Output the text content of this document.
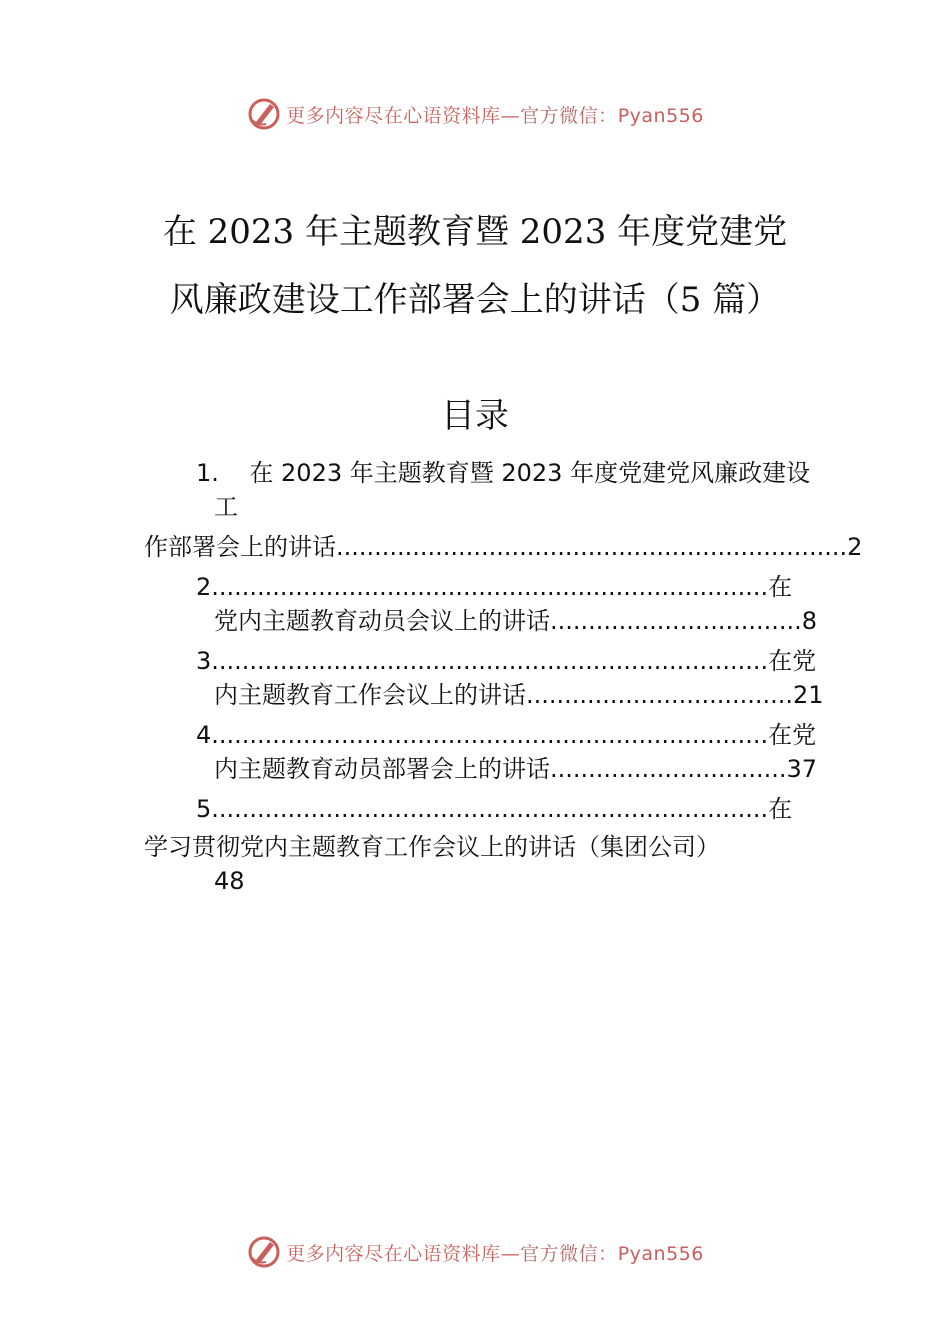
更多内容尽在心语资料库—官方微信：Pyan556
在 2023 年主题教育暨 2023 年度党建党
风廉政建设工作部署会上的讲话（5 篇）
目录
1.    在 2023 年主题教育暨 2023 年度党建党风廉政建设
工
作部署会上的讲话...................................................................2
2.........................................................................在
党内主题教育动员会议上的讲话.................................8
3.........................................................................在党
内主题教育工作会议上的讲话...................................21
4.........................................................................在党
内主题教育动员部署会上的讲话...............................37
5.........................................................................在
学习贯彻党内主题教育工作会议上的讲话（集团公司）
48
更多内容尽在心语资料库—官方微信：Pyan556
